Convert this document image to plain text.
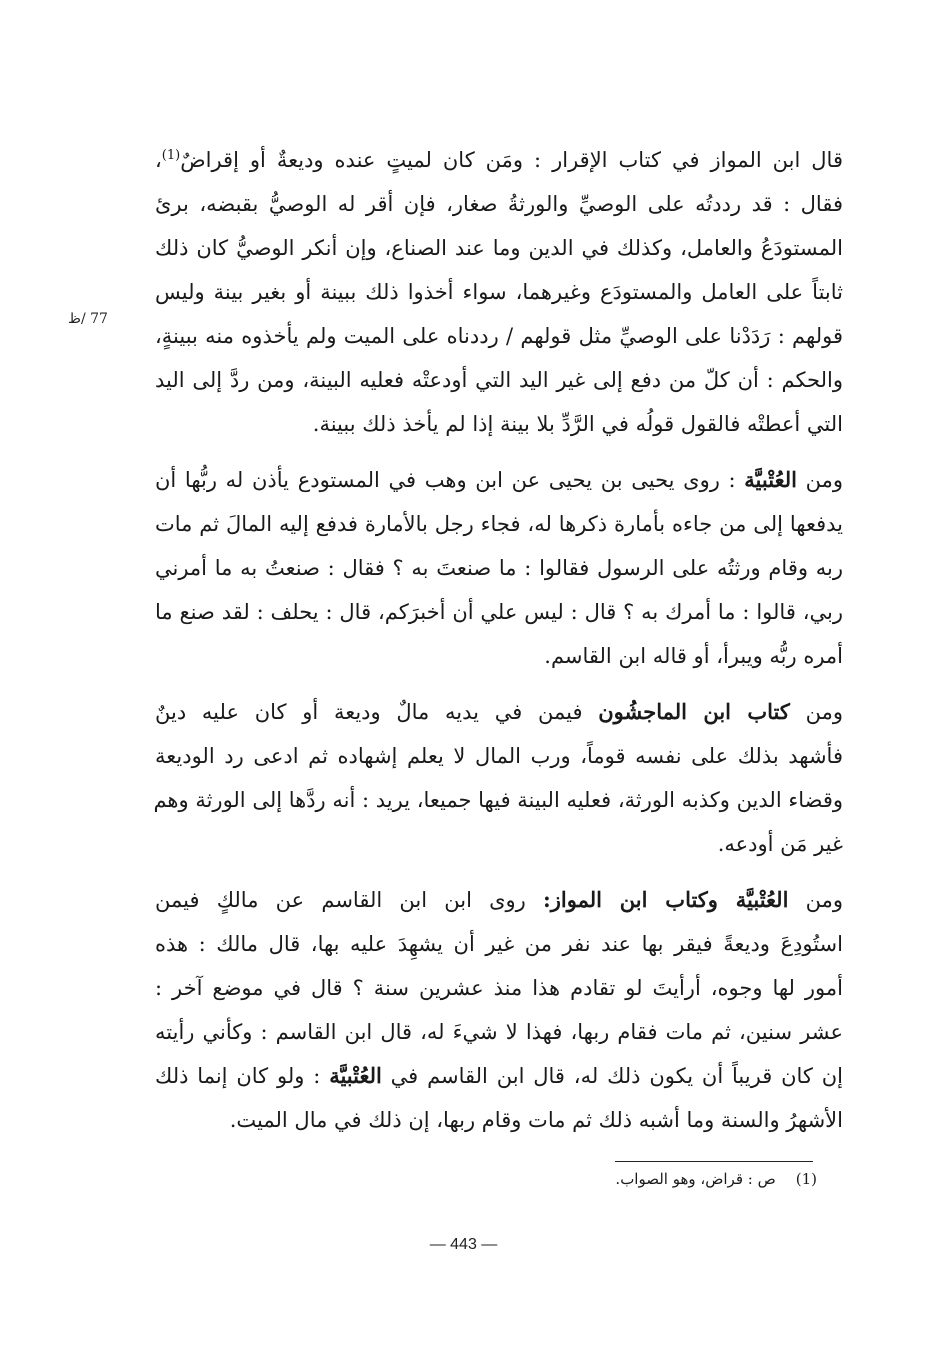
قال ابن المواز في كتاب الإقرار : ومَن كان لميتٍ عنده وديعةٌ أو إقراضٌ$^{(1)}$،
فقال : قد رددتُه على الوصيِّ والورثةُ صغار، فإن أقر له الوصيُّ بقبضه، برئ
المستودَعُ والعامل، وكذلك في الدين وما عند الصناع، وإن أنكر الوصيُّ كان ذلك
ثابتاً على العامل والمستودَع وغيرهما، سواء أخذوا ذلك ببينة أو بغير بينة وليس
قولهم : رَدَدْنا على الوصيِّ مثل قولهم / رددناه على الميت ولم يأخذوه منه ببينةٍ،
والحكم : أن كلّ من دفع إلى غير اليد التي أودعتْه فعليه البينة، ومن ردَّ إلى اليد
التي أعطتْه فالقول قولُه في الرَّدِّ بلا بينة إذا لم يأخذ ذلك ببينة.
ومن العُتْبيَّة : روى يحيى بن يحيى عن ابن وهب في المستودع يأذن له ربُّها أن
يدفعها إلى من جاءه بأمارة ذكرها له، فجاء رجل بالأمارة فدفع إليه المالَ ثم مات
ربه وقام ورثتُه على الرسول فقالوا : ما صنعتَ به ؟ فقال : صنعتُ به ما أمرني
ربي، قالوا : ما أمرك به ؟ قال : ليس علي أن أخبرَكم، قال : يحلف : لقد صنع ما
أمره ربُّه ويبرأ، أو قاله ابن القاسم.
ومن كتاب ابن الماجشُون فيمن في يديه مالٌ وديعة أو كان عليه دينٌ
فأشهد بذلك على نفسه قوماً، ورب المال لا يعلم إشهاده ثم ادعى رد الوديعة
وقضاء الدين وكذبه الورثة، فعليه البينة فيها جميعا، يريد : أنه ردَّها إلى الورثة وهم
غير مَن أودعه.
ومن العُتْبيَّة وكتاب ابن المواز: روى ابن ابن القاسم عن مالكٍ فيمن
استُودِعَ وديعةً فيقر بها عند نفر من غير أن يشهِدَ عليه بها، قال مالك : هذه
أمور لها وجوه، أرأيتَ لو تقادم هذا منذ عشرين سنة ؟ قال في موضع آخر :
عشر سنين، ثم مات فقام ربها، فهذا لا شيءَ له، قال ابن القاسم : وكأني رأيته
إن كان قريباً أن يكون ذلك له، قال ابن القاسم في العُتْبيَّة : ولو كان إنما ذلك
الأشهرُ والسنة وما أشبه ذلك ثم مات وقام ربها، إن ذلك في مال الميت.
77 /ظ
(1)ص : قراض، وهو الصواب.
— 443 —
